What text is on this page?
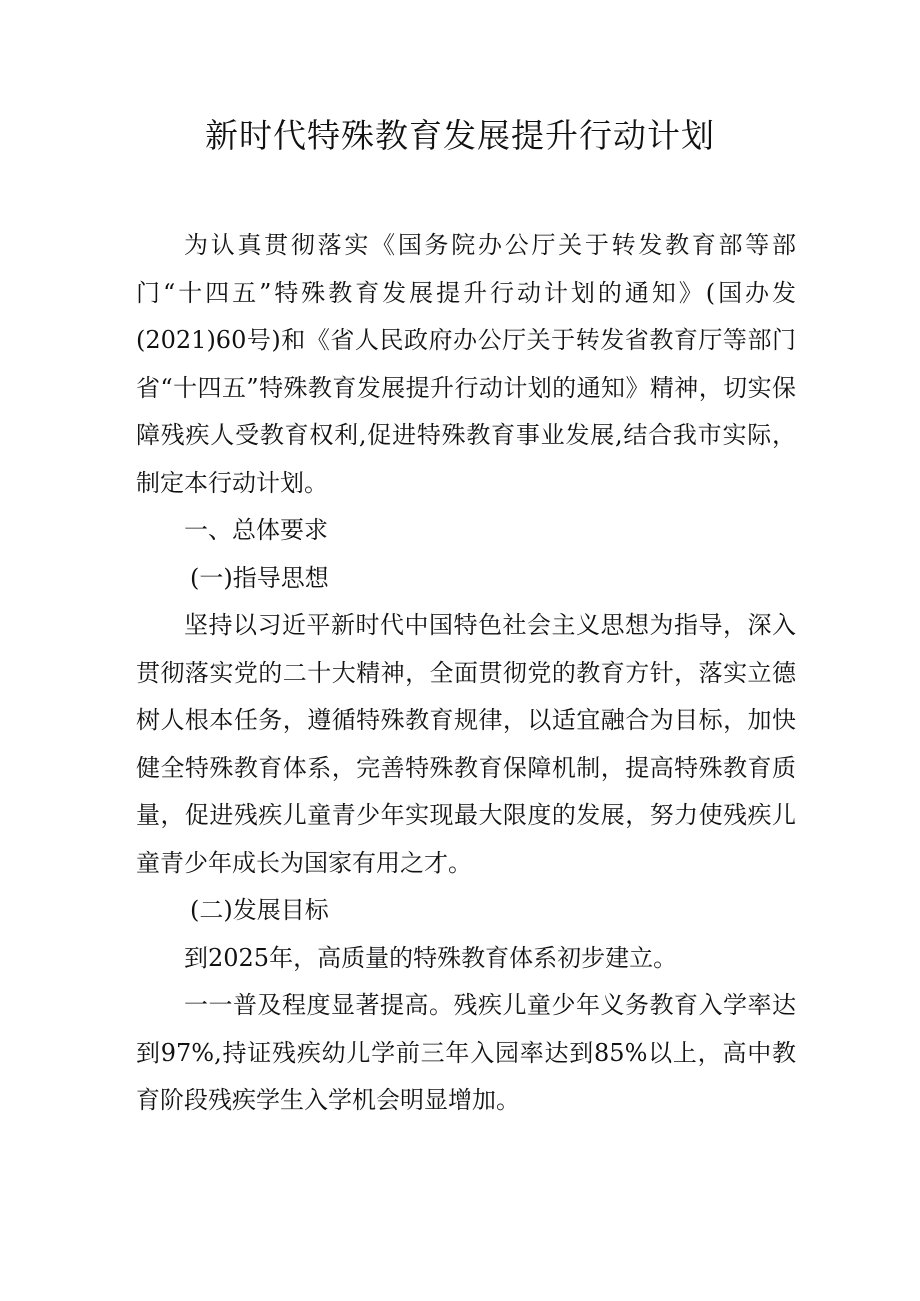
新时代特殊教育发展提升行动计划

为认真贯彻落实《国务院办公厅关于转发教育部等部门“十四五”特殊教育发展提升行动计划的通知》(国办发(2021)60号)和《省人民政府办公厅关于转发省教育厅等部门省“十四五”特殊教育发展提升行动计划的通知》精神，切实保障残疾人受教育权利,促进特殊教育事业发展,结合我市实际，制定本行动计划。

一、总体要求

(一)指导思想

坚持以习近平新时代中国特色社会主义思想为指导，深入贯彻落实党的二十大精神，全面贯彻党的教育方针，落实立德树人根本任务，遵循特殊教育规律，以适宜融合为目标，加快健全特殊教育体系，完善特殊教育保障机制，提高特殊教育质量，促进残疾儿童青少年实现最大限度的发展，努力使残疾儿童青少年成长为国家有用之才。

(二)发展目标

到2025年，高质量的特殊教育体系初步建立。

一一普及程度显著提高。残疾儿童少年义务教育入学率达到97%,持证残疾幼儿学前三年入园率达到85%以上，高中教育阶段残疾学生入学机会明显增加。
